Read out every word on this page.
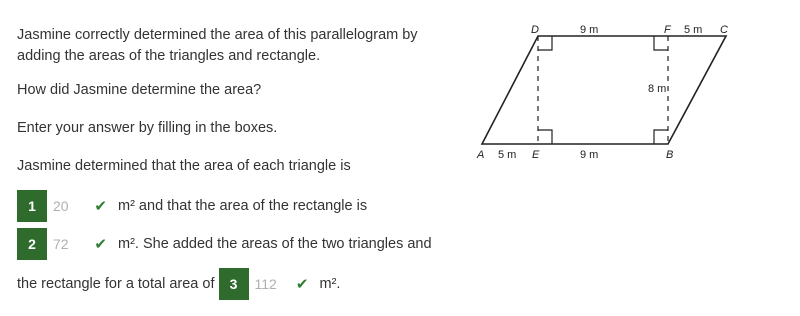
Jasmine correctly determined the area of this parallelogram by

adding the areas of the triangles and rectangle.

How did Jasmine determine the area?

Enter your answer by filling in the boxes.

Jasmine determined that the area of each triangle is

1	20 ✔ m² and that the area of the rectangle is
2	72 ✔ m². She added the areas of the two triangles and
the rectangle for a total area of	3	112 ✔ m².
D	F	C
A	E	B
9 m	5 m
5 m	9 m
8 m
